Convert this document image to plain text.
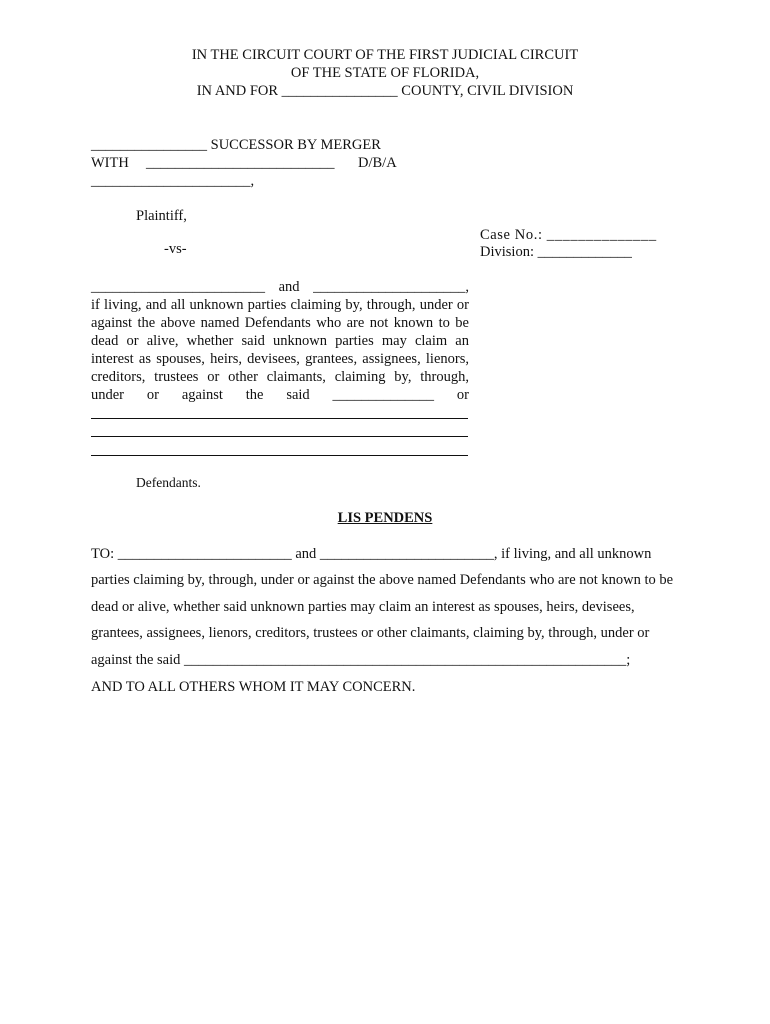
IN THE CIRCUIT COURT OF THE FIRST JUDICIAL CIRCUIT
OF THE STATE OF FLORIDA,
IN AND FOR ________________ COUNTY, CIVIL DIVISION
________________ SUCCESSOR BY MERGER
WITH __________________________ D/B/A
______________________,
Plaintiff,
-vs-
Case No.: ______________
Division: _____________
________________________ and _____________________,
if living, and all unknown parties claiming by, through, under or
against the above named Defendants who are not known to be
dead or alive, whether said unknown parties may claim an
interest as spouses, heirs, devisees, grantees, assignees, lienors,
creditors, trustees or other claimants, claiming by, through,
under or against the said ______________ or
Defendants.
LIS PENDENS
TO: ________________________ and ________________________, if living, and all unknown
parties claiming by, through, under or against the above named Defendants who are not known to be
dead or alive, whether said unknown parties may claim an interest as spouses, heirs, devisees,
grantees, assignees, lienors, creditors, trustees or other claimants, claiming by, through, under or
against the said _____________________________________________________________;
AND TO ALL OTHERS WHOM IT MAY CONCERN.
